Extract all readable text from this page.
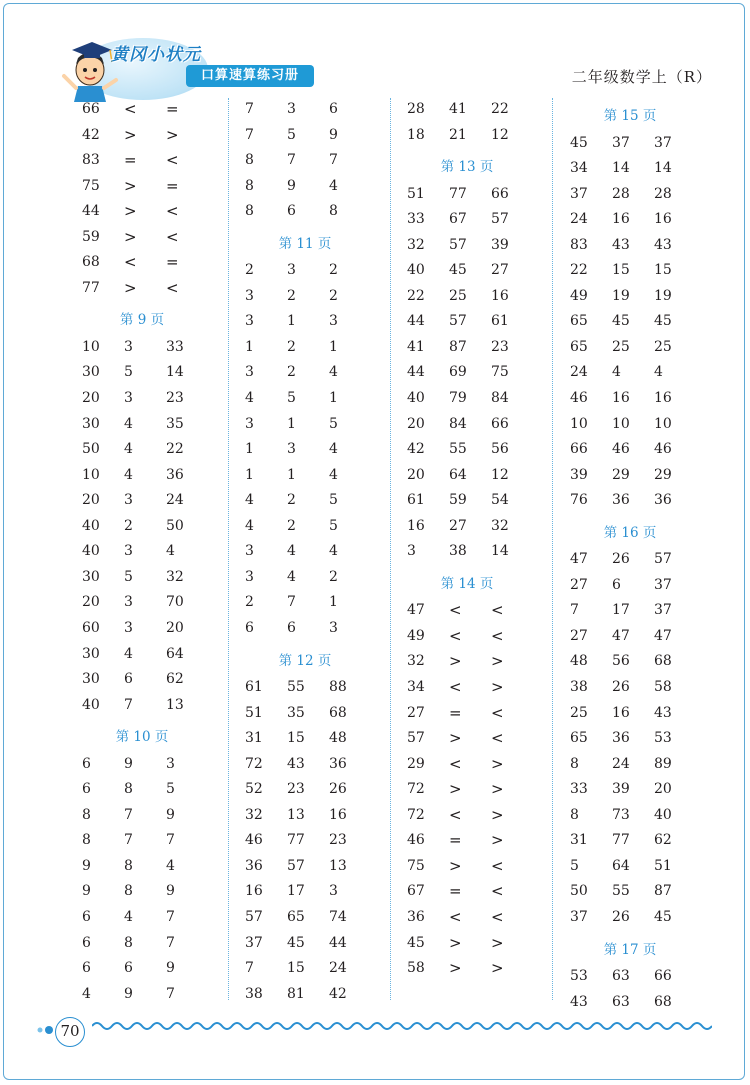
黄冈小状元
口算速算练习册	二年级数学上（R）
66 < =
42 > >
83 = <
75 > =
44 > <
59 > <
68 < =
77 > <
第 9 页
10 3 33
30 5 14
20 3 23
30 4 35
50 4 22
10 4 36
20 3 24
40 2 50
40 3 4
30 5 32
20 3 70
60 3 20
30 4 64
30 6 62
40 7 13
第 10 页
6 9 3
6 8 5
8 7 9
8 7 7
9 8 4
9 8 9
6 4 7
6 8 7
6 6 9
4 9 7
7 3 6
7 5 9
8 7 7
8 9 4
8 6 8
第 11 页
2 3 2
3 2 2
3 1 3
1 2 1
3 2 4
4 5 1
3 1 5
1 3 4
1 1 4
4 2 5
4 2 5
3 4 4
3 4 2
2 7 1
6 6 3
第 12 页
61 55 88
51 35 68
31 15 48
72 43 36
52 23 26
32 13 16
46 77 23
36 57 13
16 17 3
57 65 74
37 45 44
7 15 24
38 81 42
28 41 22
18 21 12
第 13 页
51 77 66
33 67 57
32 57 39
40 45 27
22 25 16
44 57 61
41 87 23
44 69 75
40 79 84
20 84 66
42 55 56
20 64 12
61 59 54
16 27 32
3 38 14
第 14 页
47 < <
49 < <
32 > >
34 < >
27 = <
57 > <
29 < >
72 > >
72 < >
46 = >
75 > <
67 = <
36 < <
45 > >
58 > >
第 15 页
45 37 37
34 14 14
37 28 28
24 16 16
83 43 43
22 15 15
49 19 19
65 45 45
65 25 25
24 4 4
46 16 16
10 10 10
66 46 46
39 29 29
76 36 36
第 16 页
47 26 57
27 6 37
7 17 37
27 47 47
48 56 68
38 26 58
25 16 43
65 36 53
8 24 89
33 39 20
8 73 40
31 77 62
5 64 51
50 55 87
37 26 45
第 17 页
53 63 66
43 63 68
70
